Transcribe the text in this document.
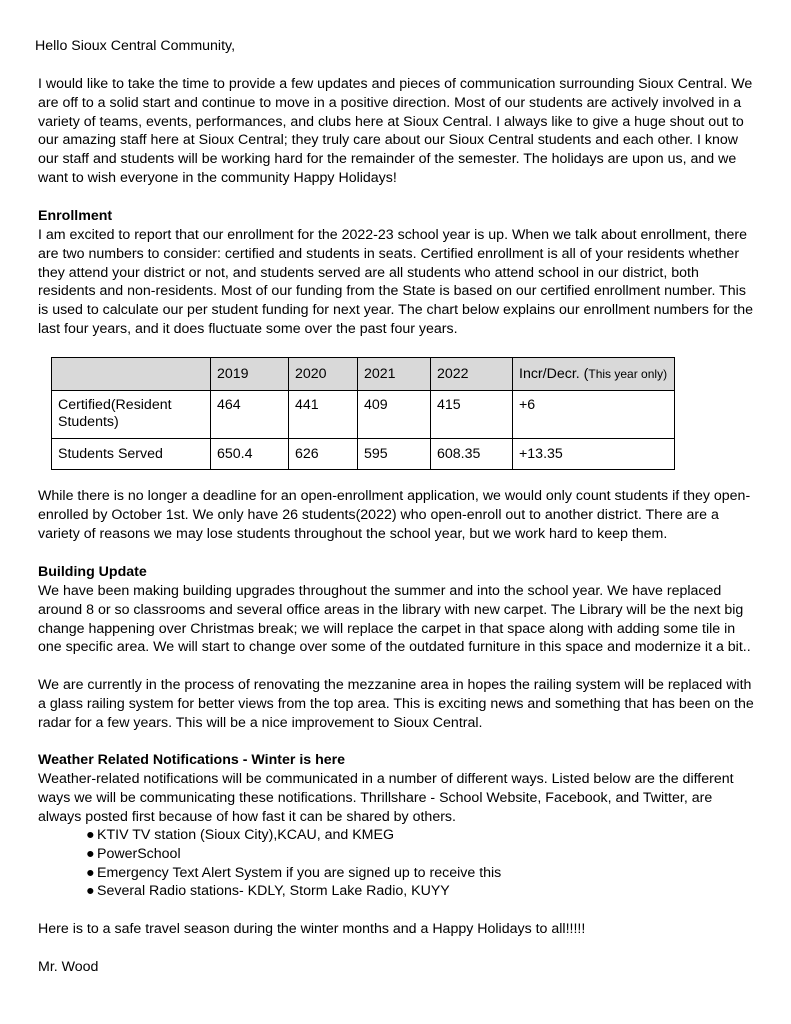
Hello Sioux Central Community,

I would like to take the time to provide a few updates and pieces of communication surrounding Sioux Central. We are off to a solid start and continue to move in a positive direction. Most of our students are actively involved in a variety of teams, events, performances, and clubs here at Sioux Central. I always like to give a huge shout out to our amazing staff here at Sioux Central; they truly care about our Sioux Central students and each other. I know our staff and students will be working hard for the remainder of the semester. The holidays are upon us, and we want to wish everyone in the community Happy Holidays!

Enrollment

I am excited to report that our enrollment for the 2022-23 school year is up. When we talk about enrollment, there are two numbers to consider: certified and students in seats. Certified enrollment is all of your residents whether they attend your district or not, and students served are all students who attend school in our district, both residents and non-residents. Most of our funding from the State is based on our certified enrollment number. This is used to calculate our per student funding for next year. The chart below explains our enrollment numbers for the last four years, and it does fluctuate some over the past four years.

	2019	2020	2021	2022	Incr/Decr. (This year only)
Certified(Resident Students)	464	441	409	415	+6
Students Served	650.4	626	595	608.35	+13.35

While there is no longer a deadline for an open-enrollment application, we would only count students if they open-enrolled by October 1st. We only have 26 students(2022) who open-enroll out to another district. There are a variety of reasons we may lose students throughout the school year, but we work hard to keep them.

Building Update

We have been making building upgrades throughout the summer and into the school year. We have replaced around 8 or so classrooms and several office areas in the library with new carpet. The Library will be the next big change happening over Christmas break; we will replace the carpet in that space along with adding some tile in one specific area. We will start to change over some of the outdated furniture in this space and modernize it a bit..

We are currently in the process of renovating the mezzanine area in hopes the railing system will be replaced with a glass railing system for better views from the top area. This is exciting news and something that has been on the radar for a few years. This will be a nice improvement to Sioux Central.

Weather Related Notifications - Winter is here

Weather-related notifications will be communicated in a number of different ways. Listed below are the different ways we will be communicating these notifications. Thrillshare - School Website, Facebook, and Twitter, are always posted first because of how fast it can be shared by others.

● KTIV TV station (Sioux City),KCAU, and KMEG
● PowerSchool
● Emergency Text Alert System if you are signed up to receive this
● Several Radio stations- KDLY, Storm Lake Radio, KUYY

Here is to a safe travel season during the winter months and a Happy Holidays to all!!!!!

Mr. Wood
